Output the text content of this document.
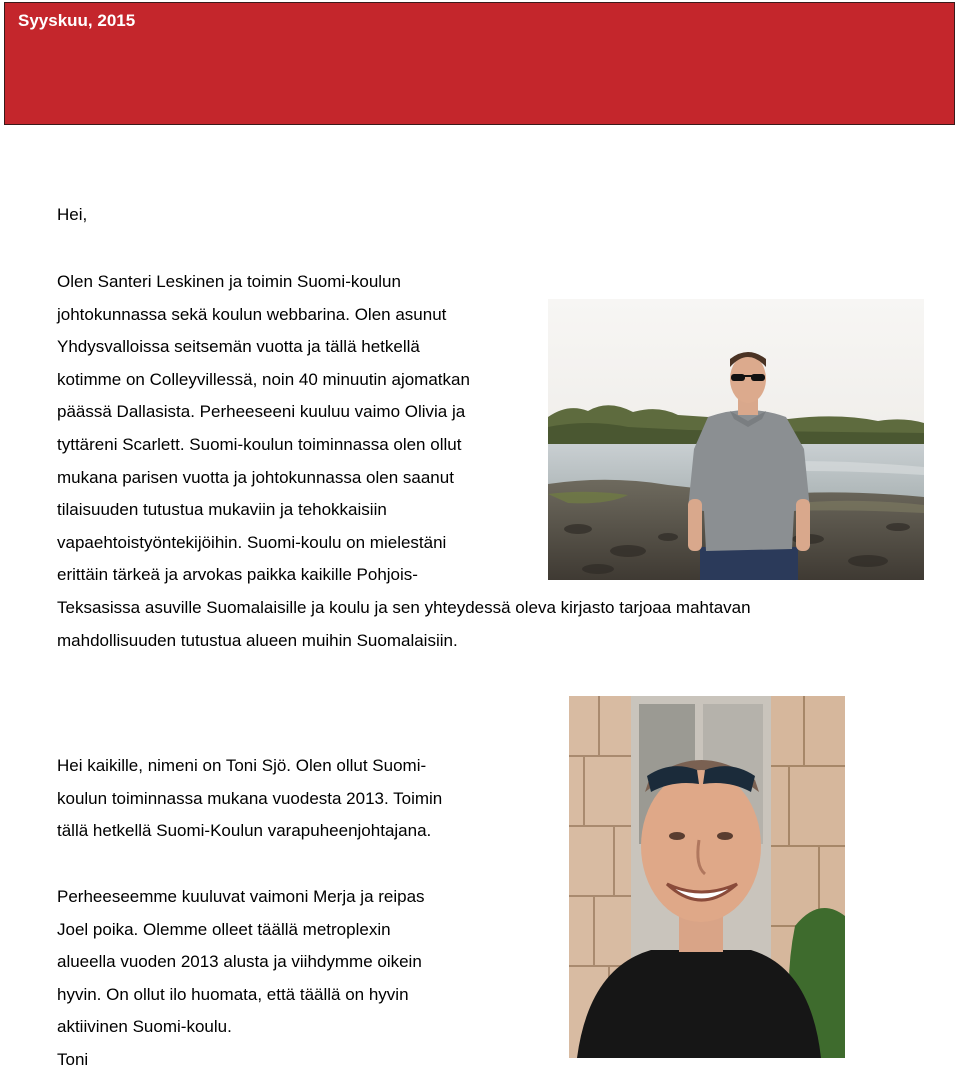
Syyskuu, 2015
Hei,
Olen Santeri Leskinen ja toimin Suomi-koulun
johtokunnassa sekä koulun webbarina. Olen asunut
Yhdysvalloissa seitsemän vuotta ja tällä hetkellä
kotimme on Colleyvillessä, noin 40 minuutin ajomatkan
päässä Dallasista. Perheeseeni kuuluu vaimo Olivia ja
tyttäreni Scarlett. Suomi-koulun toiminnassa olen ollut
mukana parisen vuotta ja johtokunnassa olen saanut
tilaisuuden tutustua mukaviin ja tehokkaisiin
vapaehtoistyöntekijöihin. Suomi-koulu on mielestäni
erittäin tärkeä ja arvokas paikka kaikille Pohjois-
Teksasissa asuville Suomalaisille ja koulu ja sen yhteydessä oleva kirjasto tarjoaa mahtavan
mahdollisuuden tutustua alueen muihin Suomalaisiin.
Hei kaikille, nimeni on Toni Sjö. Olen ollut Suomi-
koulun toiminnassa mukana vuodesta 2013. Toimin
tällä hetkellä Suomi-Koulun varapuheenjohtajana.
Perheeseemme kuuluvat vaimoni Merja ja reipas
Joel poika. Olemme olleet täällä metroplexin
alueella vuoden 2013 alusta ja viihdymme oikein
hyvin. On ollut ilo huomata, että täällä on hyvin
aktiivinen Suomi-koulu.
Toni
